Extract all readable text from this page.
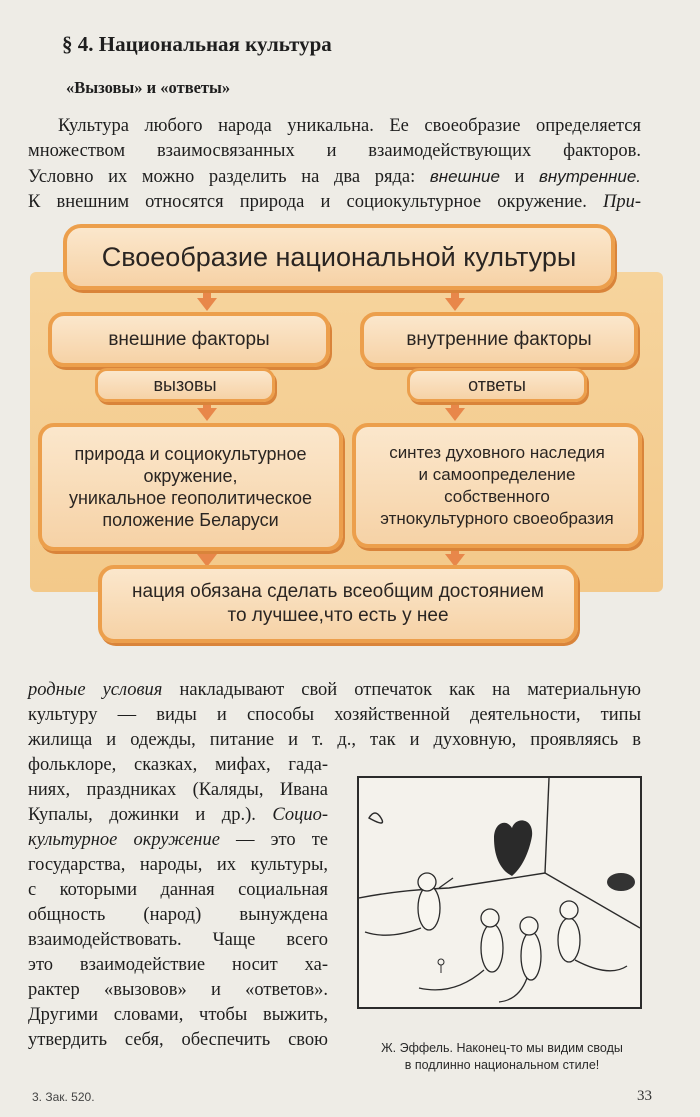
§ 4. Национальная культура
«Вызовы» и «ответы»
Культура любого народа уникальна. Ее своеобразие определяется
множеством взаимосвязанных и взаимодействующих факторов.
Условно их можно разделить на два ряда: внешние и внутренние.
К внешним относятся природа и социокультурное окружение. При-
Своеобразие национальной культуры
внешние факторы	внутренние факторы
вызовы	ответы
природа и социокультурное
окружение,
уникальное геополитическое
положение Беларуси
синтез духовного наследия
и самоопределение
собственного
этнокультурного своеобразия
нация обязана сделать всеобщим достоянием
то лучшее,что есть у нее
родные условия накладывают свой отпечаток как на материальную
культуру — виды и способы хозяйственной деятельности, типы
жилища и одежды, питание и т. д., так и духовную, проявляясь в
фольклоре, сказках, мифах, гада-
ниях, праздниках (Каляды, Ивана
Купалы, дожинки и др.). Социо-
культурное окружение — это те
государства, народы, их культуры,
с которыми данная социальная
общность (народ) вынуждена
взаимодействовать. Чаще всего
это взаимодействие носит ха-
рактер «вызовов» и «ответов».
Другими словами, чтобы выжить,
утвердить себя, обеспечить свою	Ж. Эффель. Наконец-то мы видим своды
в подлинно национальном стиле!
3. Зак. 520.	33
